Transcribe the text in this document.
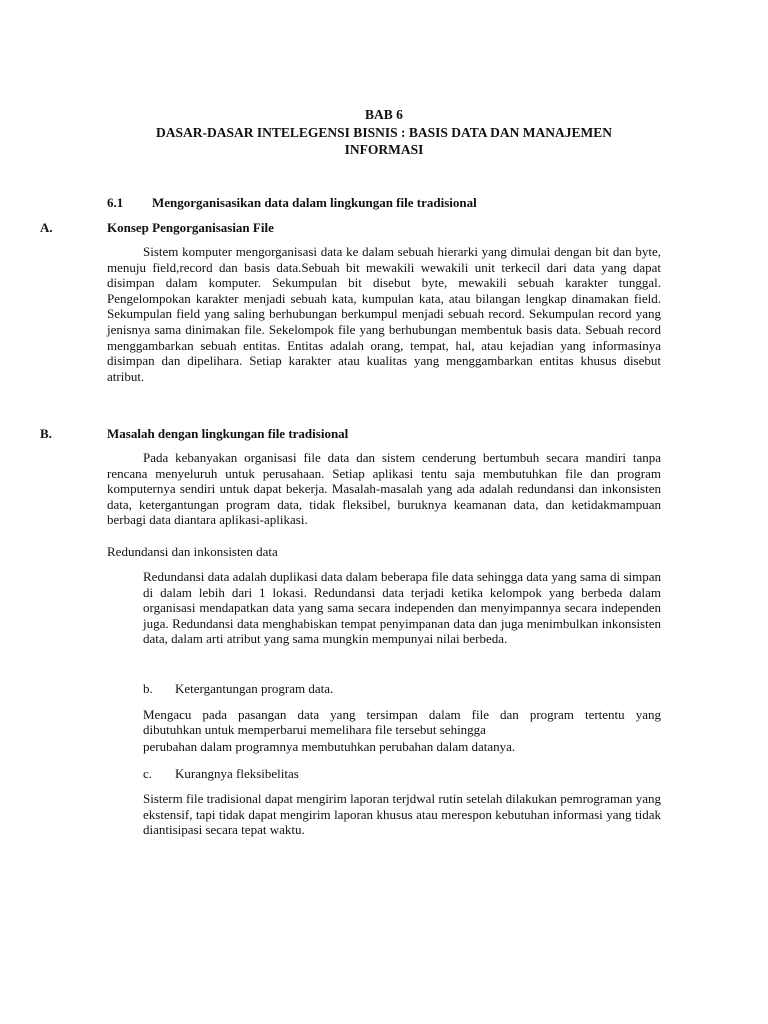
BAB 6
DASAR-DASAR INTELEGENSI BISNIS : BASIS DATA DAN MANAJEMEN
INFORMASI
6.1 Mengorganisasikan data dalam lingkungan file tradisional
A.	Konsep Pengorganisasian File
Sistem komputer mengorganisasi data ke dalam sebuah hierarki yang dimulai dengan bit dan byte, menuju field,record dan basis data.Sebuah bit mewakili wewakili unit terkecil dari data yang dapat disimpan dalam komputer. Sekumpulan bit disebut byte, mewakili sebuah karakter tunggal. Pengelompokan karakter menjadi sebuah kata, kumpulan kata, atau bilangan lengkap dinamakan field. Sekumpulan field yang saling berhubungan berkumpul menjadi sebuah record. Sekumpulan record yang jenisnya sama dinimakan file. Sekelompok file yang berhubungan membentuk basis data. Sebuah record menggambarkan sebuah entitas. Entitas adalah orang, tempat, hal, atau kejadian yang informasinya disimpan dan dipelihara. Setiap karakter atau kualitas yang menggambarkan entitas khusus disebut atribut.
B.	Masalah dengan lingkungan file tradisional
Pada kebanyakan organisasi file data dan sistem cenderung bertumbuh secara mandiri tanpa rencana menyeluruh untuk perusahaan. Setiap aplikasi tentu saja membutuhkan file dan program komputernya sendiri untuk dapat bekerja. Masalah-masalah yang ada adalah redundansi dan inkonsisten data, ketergantungan program data, tidak fleksibel, buruknya keamanan data, dan ketidakmampuan berbagi data diantara aplikasi-aplikasi.
Redundansi dan inkonsisten data
Redundansi data adalah duplikasi data dalam beberapa file data sehingga data yang sama di simpan di dalam lebih dari 1 lokasi. Redundansi data terjadi ketika kelompok yang berbeda dalam organisasi mendapatkan data yang sama secara independen dan menyimpannya secara independen juga. Redundansi data menghabiskan tempat penyimpanan data dan juga menimbulkan inkonsisten data, dalam arti atribut yang sama mungkin mempunyai nilai berbeda.
b. Ketergantungan program data.
Mengacu pada pasangan data yang tersimpan dalam file dan program tertentu yang
dibutuhkan untuk memperbarui memelihara file tersebut sehingga
perubahan dalam programnya membutuhkan perubahan dalam datanya.
c. Kurangnya fleksibelitas
Sisterm file tradisional dapat mengirim laporan terjdwal rutin setelah dilakukan pemrograman yang ekstensif, tapi tidak dapat mengirim laporan khusus atau merespon kebutuhan informasi yang tidak diantisipasi secara tepat waktu.
